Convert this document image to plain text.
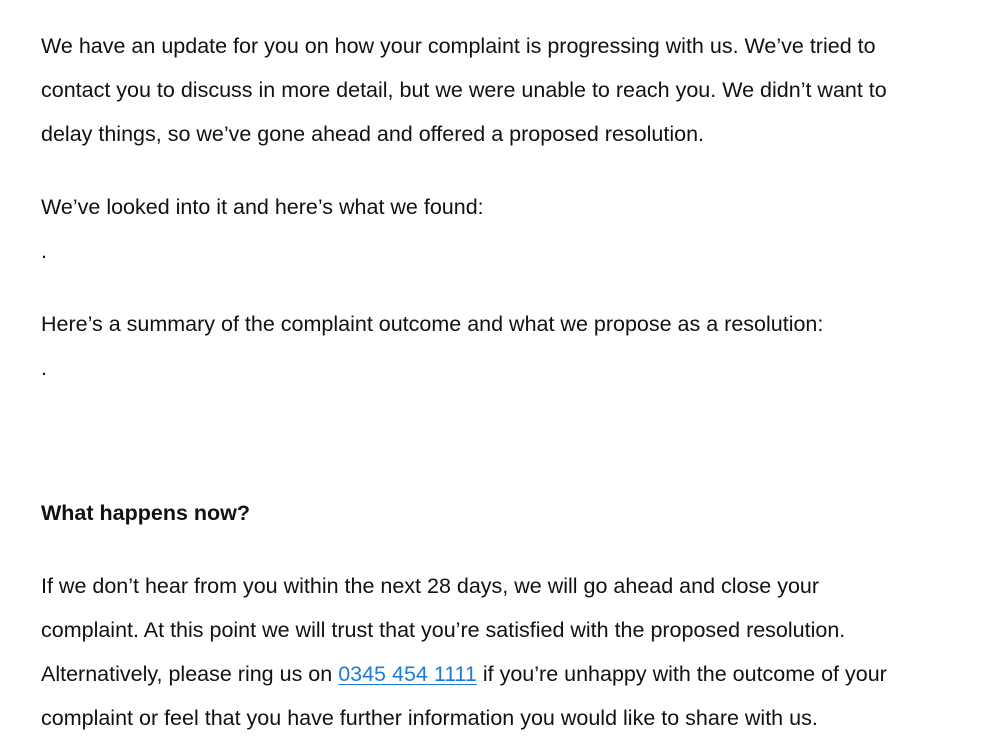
We have an update for you on how your complaint is progressing with us. We’ve tried to
contact you to discuss in more detail, but we were unable to reach you. We didn’t want to
delay things, so we’ve gone ahead and offered a proposed resolution.
We’ve looked into it and here’s what we found:
.
Here’s a summary of the complaint outcome and what we propose as a resolution:
.
What happens now?
If we don’t hear from you within the next 28 days, we will go ahead and close your
complaint. At this point we will trust that you’re satisfied with the proposed resolution.
Alternatively, please ring us on 0345 454 1111 if you’re unhappy with the outcome of your
complaint or feel that you have further information you would like to share with us.
